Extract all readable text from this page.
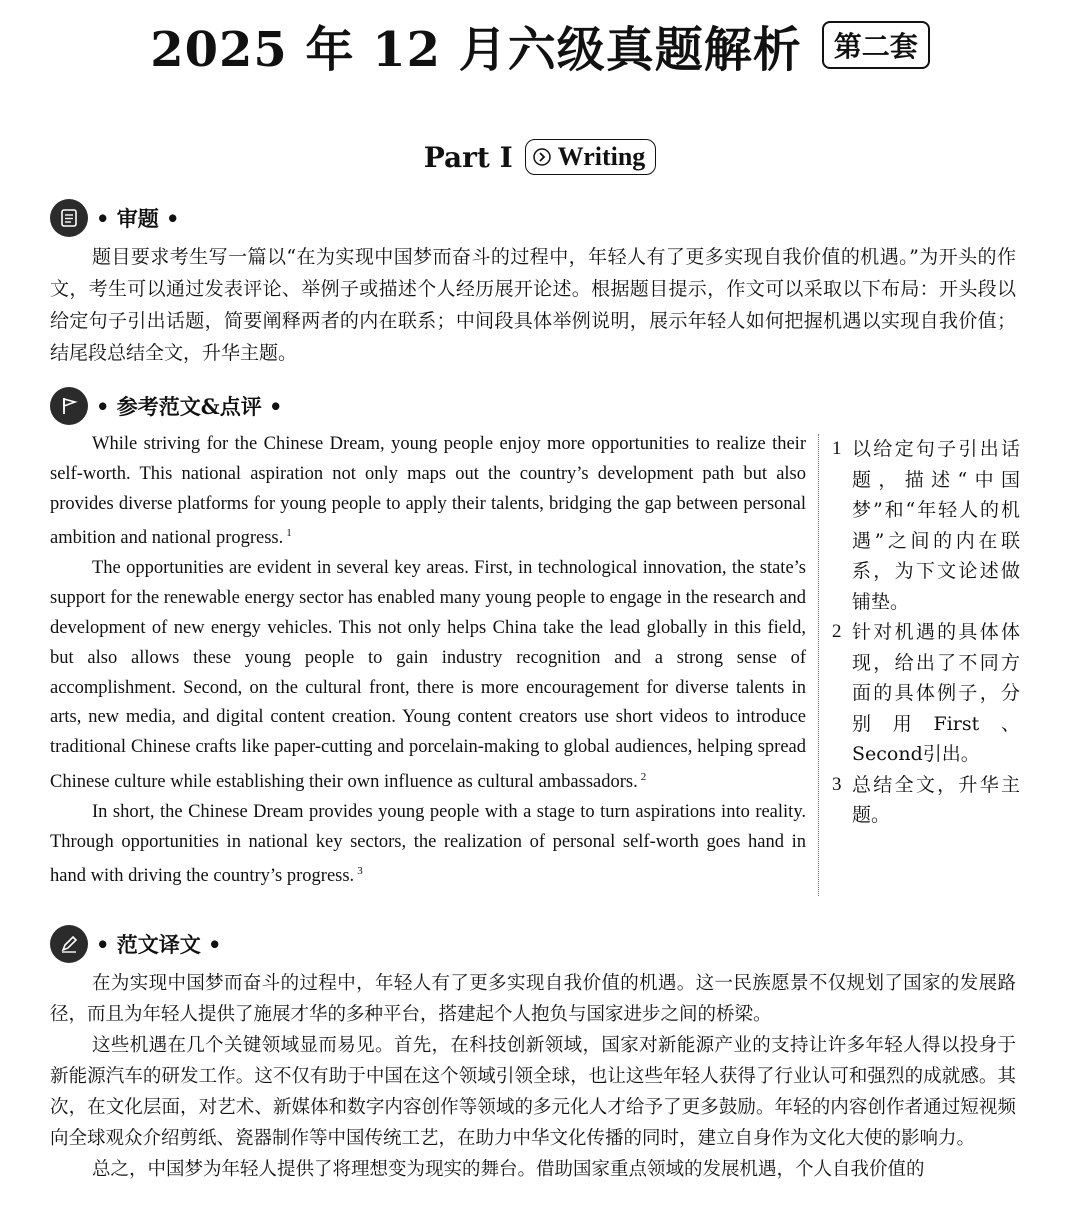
2025 年 12 月六级真题解析	第二套
Part I Writing
• 审题 •

题目要求考生写一篇以“在为实现中国梦而奋斗的过程中，年轻人有了更多实现自我价值的机遇。”为开头的作文，考生可以通过发表评论、举例子或描述个人经历展开论述。根据题目提示，作文可以采取以下布局：开头段以给定句子引出话题，简要阐释两者的内在联系；中间段具体举例说明，展示年轻人如何把握机遇以实现自我价值；结尾段总结全文，升华主题。

• 参考范文&点评 •

While striving for the Chinese Dream, young people enjoy more opportunities to realize their self-worth. This national aspiration not only maps out the country’s development path but also provides diverse platforms for young people to apply their talents, bridging the gap between personal ambition and national progress. $^1$

The opportunities are evident in several key areas. First, in technological innovation, the state’s support for the renewable energy sector has enabled many young people to engage in the research and development of new energy vehicles. This not only helps China take the lead globally in this field, but also allows these young people to gain industry recognition and a strong sense of accomplishment. Second, on the cultural front, there is more encouragement for diverse talents in arts, new media, and digital content creation. Young content creators use short videos to introduce traditional Chinese crafts like paper-cutting and porcelain-making to global audiences, helping spread Chinese culture while establishing their own influence as cultural ambassadors. $^2$

In short, the Chinese Dream provides young people with a stage to turn aspirations into reality. Through opportunities in national key sectors, the realization of personal self-worth goes hand in hand with driving the country’s progress. $^3$

1 以给定句子引出话题，描述“中国梦”和“年轻人的机遇”之间的内在联系，为下文论述做铺垫。
2 针对机遇的具体体现，给出了不同方面的具体例子，分别用First、Second引出。
3 总结全文，升华主题。
• 范文译文 •

在为实现中国梦而奋斗的过程中，年轻人有了更多实现自我价值的机遇。这一民族愿景不仅规划了国家的发展路径，而且为年轻人提供了施展才华的多种平台，搭建起个人抱负与国家进步之间的桥梁。

这些机遇在几个关键领域显而易见。首先，在科技创新领域，国家对新能源产业的支持让许多年轻人得以投身于新能源汽车的研发工作。这不仅有助于中国在这个领域引领全球，也让这些年轻人获得了行业认可和强烈的成就感。其次，在文化层面，对艺术、新媒体和数字内容创作等领域的多元化人才给予了更多鼓励。年轻的内容创作者通过短视频向全球观众介绍剪纸、瓷器制作等中国传统工艺，在助力中华文化传播的同时，建立自身作为文化大使的影响力。

总之，中国梦为年轻人提供了将理想变为现实的舞台。借助国家重点领域的发展机遇，个人自我价值的
